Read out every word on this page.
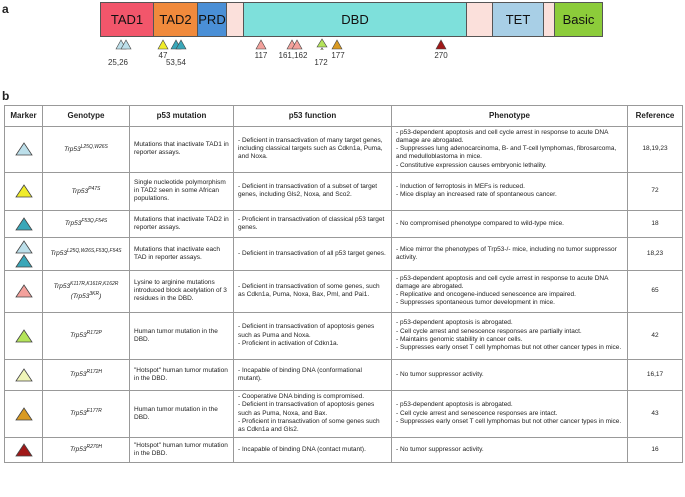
a
TAD1 TAD2 PRD	DBD	TET Basic
25,26
47
53,54
117	161,162
172
177	270
b
Marker	Genotype	p53 mutation	p53 function	Phenotype	Reference
	$Trp53^{L25Q,W26S}$	Mutations that inactivate TAD1 in reporter assays.	- Deficient in transactivation of many target genes, including classical targets such as Cdkn1a, Puma, and Noxa.	- p53-dependent apoptosis and cell cycle arrest in response to acute DNA damage are abrogated.
- Suppresses lung adenocarcinoma, B- and T-cell lymphomas, fibrosarcoma, and medulloblastoma in mice.
- Constitutive expression causes embryonic lethality.	18,19,23
	$Trp53^{P47S}$	Single nucleotide polymorphism in TAD2 seen in some African populations.	- Deficient in transactivation of a subset of target genes, including Gls2, Noxa, and Sco2.	- Induction of ferroptosis in MEFs is reduced.
- Mice display an increased rate of spontaneous cancer.	72
	$Trp53^{F53Q,F54S}$	Mutations that inactivate TAD2 in reporter assays.	- Proficient in transactivation of classical p53 target genes.	- No compromised phenotype compared to wild-type mice.	18
	$Trp53^{L25Q,W26S,F53Q,F54S}$	Mutations that inactivate each TAD in reporter assays.	- Deficient in transactivation of all p53 target genes.	- Mice mirror the phenotypes of Trp53-/- mice, including no tumor suppressor activity.	18,23
	$Trp53^{K117R,K161R,K162R}$
$(Trp53^{3KR})$	Lysine to arginine mutations introduced block acetylation of 3 residues in the DBD.	- Deficient in transactivation of some genes, such as Cdkn1a, Puma, Noxa, Bax, Pml, and Pai1.	- p53-dependent apoptosis and cell cycle arrest in response to acute DNA damage are abrogated.
- Replicative and oncogene-induced senescence are impaired.
- Suppresses spontaneous tumor development in mice.	65
	$Trp53^{R172P}$	Human tumor mutation in the DBD.	- Deficient in transactivation of apoptosis genes such as Puma and Noxa.
- Proficient in activation of Cdkn1a.	- p53-dependent apoptosis is abrogated.
- Cell cycle arrest and senescence responses are partially intact.
- Maintains genomic stability in cancer cells.
- Suppresses early onset T cell lymphomas but not other cancer types in mice.	42
	$Trp53^{R172H}$	"Hotspot" human tumor mutation in the DBD.	- Incapable of binding DNA (conformational mutant).	- No tumor suppressor activity.	16,17
	$Trp53^{E177R}$	Human tumor mutation in the DBD.	- Cooperative DNA binding is compromised.
- Deficient in transactivation of apoptosis genes such as Puma, Noxa, and Bax.
- Proficient in transactivation of some genes such as Cdkn1a and Gls2.	- p53-dependent apoptosis is abrogated.
- Cell cycle arrest and senescence responses are intact.
- Suppresses early onset T cell lymphomas but not other cancer types in mice.	43
	$Trp53^{R270H}$	"Hotspot" human tumor mutation in the DBD.	- Incapable of binding DNA (contact mutant).	- No tumor suppressor activity.	16
